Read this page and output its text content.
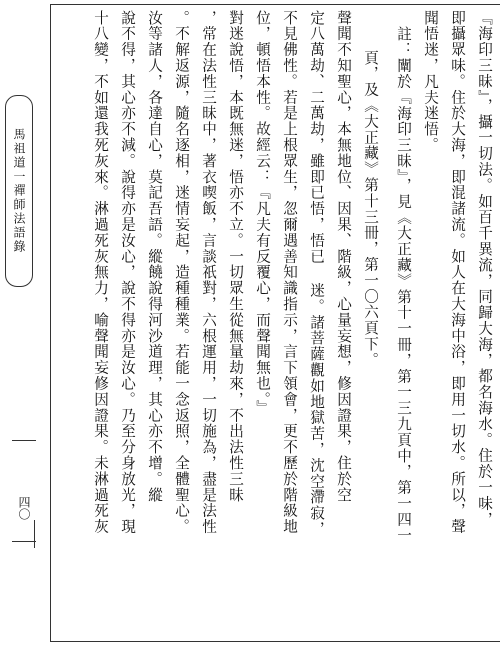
馬祖道一禪師法語錄
四〇	『海印三昧』，攝一切法。如百千異流，同歸大海，都名海水。住於一味，

即攝眾味。住於大海，即混諸流。如人在大海中浴，即用一切水。所以，聲

聞悟迷，凡夫迷悟。

註：闡於『海印三昧』，見《大正藏》第十一冊，第一三九頁中，第一四一

頁，及《大正藏》第十三冊，第一〇六頁下。

聲聞不知聖心，本無地位、因果、階級，心量妄想，修因證果，住於空

定八萬劫、二萬劫，雖即已悟，悟已 迷。諸菩薩觀如地獄苦，沈空滯寂，

不見佛性。若是上根眾生，忽爾遇善知識指示，言下領會，更不歷於階級地

位，頓悟本性。故經云：『凡夫有反覆心，而聲聞無也。』

對迷說悟，本既無迷，悟亦不立。一切眾生從無量劫來，不出法性三昧

，常在法性三昧中，著衣喫飯，言談祇對，六根運用，一切施為，盡是法性

。不解返源，隨名逐相，迷情妄起，造種種業。若能一念返照，全體聖心。

汝等諸人，各達自心，莫記吾語。縱饒說得河沙道理，其心亦不增。縱

說不得，其心亦不減。說得亦是汝心，說不得亦是汝心。乃至分身放光，現

十八變，不如還我死灰來。淋過死灰無力，喻聲聞妄修因證果。未淋過死灰
